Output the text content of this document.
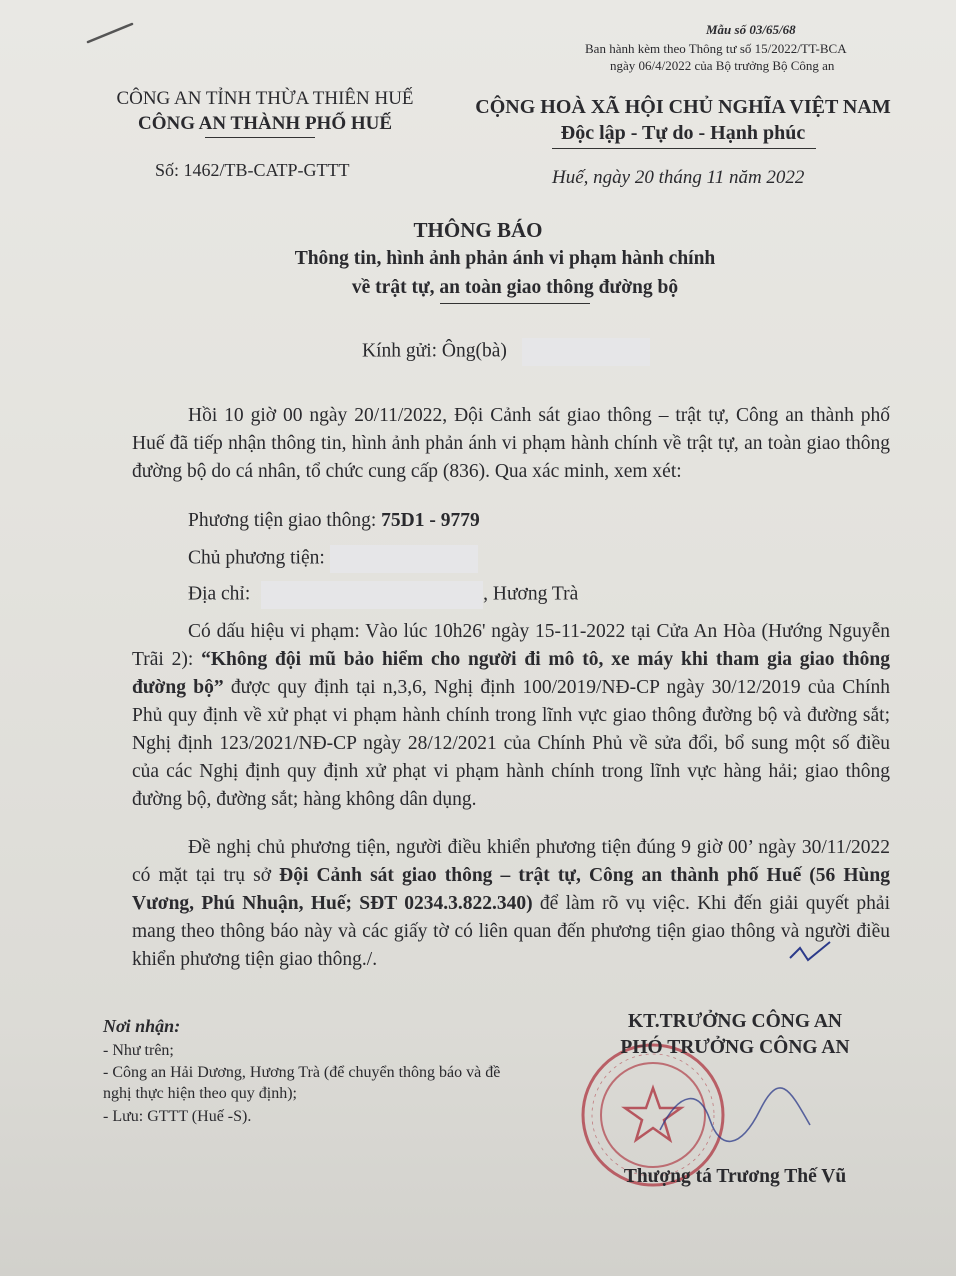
Mẫu số 03/65/68
Ban hành kèm theo Thông tư số 15/2022/TT-BCA
ngày 06/4/2022 của Bộ trưởng Bộ Công an
CÔNG AN TỈNH THỪA THIÊN HUẾ
CÔNG AN THÀNH PHỐ HUẾ
Số: 1462/TB-CATP-GTTT
CỘNG HOÀ XÃ HỘI CHỦ NGHĨA VIỆT NAM
Độc lập - Tự do - Hạnh phúc
Huế, ngày 20 tháng 11 năm 2022
THÔNG BÁO
Thông tin, hình ảnh phản ánh vi phạm hành chính
về trật tự, an toàn giao thông đường bộ
Kính gửi: Ông(bà)
Hồi 10 giờ 00 ngày 20/11/2022, Đội Cảnh sát giao thông – trật tự, Công an thành phố Huế đã tiếp nhận thông tin, hình ảnh phản ánh vi phạm hành chính về trật tự, an toàn giao thông đường bộ do cá nhân, tổ chức cung cấp (836). Qua xác minh, xem xét:
Phương tiện giao thông: 75D1 - 9779
Chủ phương tiện:
Địa chỉ:	, Hương Trà
Có dấu hiệu vi phạm: Vào lúc 10h26' ngày 15-11-2022 tại Cửa An Hòa (Hướng Nguyễn Trãi 2): “Không đội mũ bảo hiểm cho người đi mô tô, xe máy khi tham gia giao thông đường bộ” được quy định tại n,3,6, Nghị định 100/2019/NĐ-CP ngày 30/12/2019 của Chính Phủ quy định về xử phạt vi phạm hành chính trong lĩnh vực giao thông đường bộ và đường sắt; Nghị định 123/2021/NĐ-CP ngày 28/12/2021 của Chính Phủ về sửa đổi, bổ sung một số điều của các Nghị định quy định xử phạt vi phạm hành chính trong lĩnh vực hàng hải; giao thông đường bộ, đường sắt; hàng không dân dụng.
Đề nghị chủ phương tiện, người điều khiển phương tiện đúng 9 giờ 00’ ngày 30/11/2022 có mặt tại trụ sở Đội Cảnh sát giao thông – trật tự, Công an thành phố Huế (56 Hùng Vương, Phú Nhuận, Huế; SĐT 0234.3.822.340) để làm rõ vụ việc. Khi đến giải quyết phải mang theo thông báo này và các giấy tờ có liên quan đến phương tiện giao thông và người điều khiển phương tiện giao thông./.
Nơi nhận:
- Như trên;
- Công an Hải Dương, Hương Trà (để chuyển thông báo và đề nghị thực hiện theo quy định);
- Lưu: GTTT (Huế -S).
KT.TRƯỞNG CÔNG AN
PHÓ TRƯỞNG CÔNG AN
Thượng tá Trương Thế Vũ
